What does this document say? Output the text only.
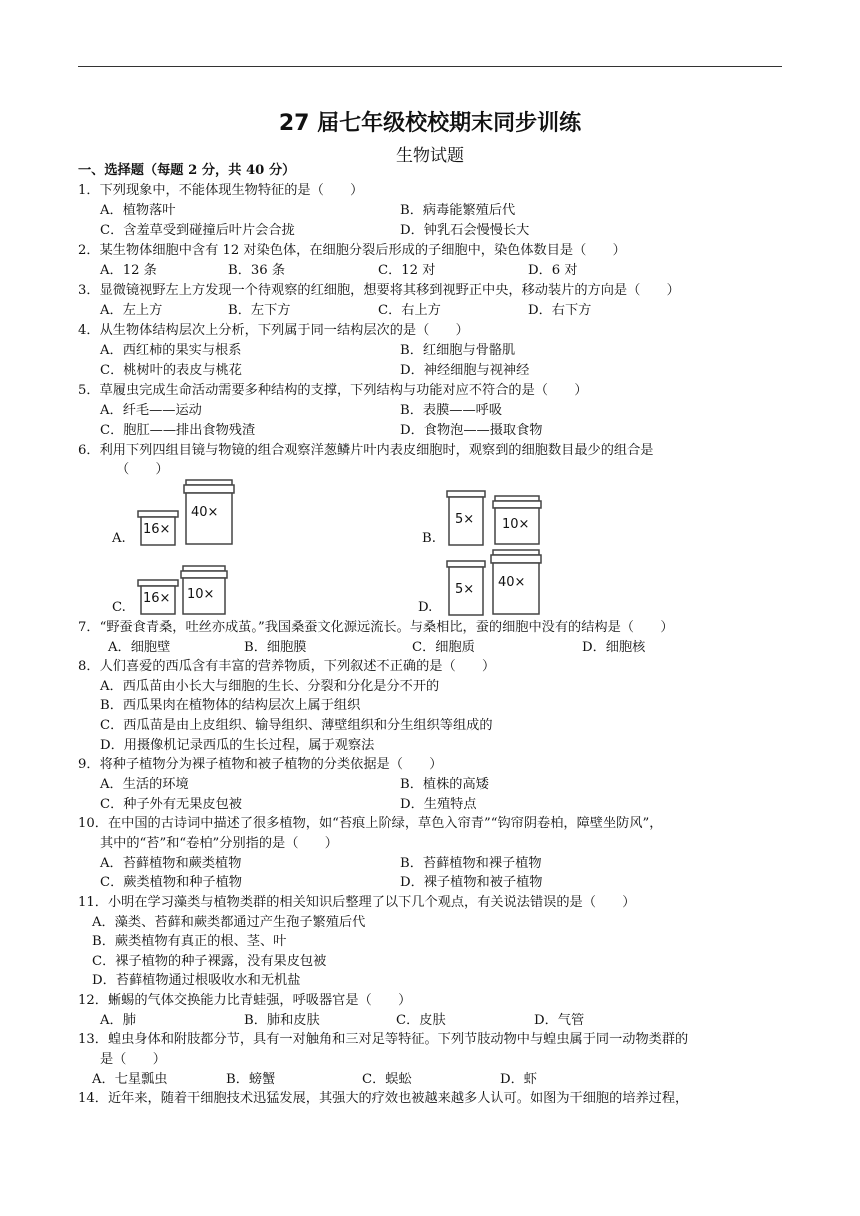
27 届七年级校校期末同步训练
生物试题
一、选择题（每题 2 分，共 40 分）
1．下列现象中，不能体现生物特征的是（　　）
A．植物落叶	B．病毒能繁殖后代
C．含羞草受到碰撞后叶片会合拢	D．钟乳石会慢慢长大
2．某生物体细胞中含有 12 对染色体，在细胞分裂后形成的子细胞中，染色体数目是（　　）
A．12 条	B．36 条	C．12 对	D．6 对
3．显微镜视野左上方发现一个待观察的红细胞，想要将其移到视野正中央，移动装片的方向是（　　）
A．左上方	B．左下方	C．右上方	D．右下方
4．从生物体结构层次上分析，下列属于同一结构层次的是（　　）
A．西红柿的果实与根系	B．红细胞与骨骼肌
C．桃树叶的表皮与桃花	D．神经细胞与视神经
5．草履虫完成生命活动需要多种结构的支撑，下列结构与功能对应不符合的是（　　）
A．纤毛——运动	B．表膜——呼吸
C．胞肛——排出食物残渣	D．食物泡——摄取食物
6．利用下列四组目镜与物镜的组合观察洋葱鳞片叶内表皮细胞时，观察到的细胞数目最少的组合是
（　　）
A.
16×
40×
B.
5× 10×
C.
16× 10×
D.
5× 40×
7．“野蚕食青桑，吐丝亦成茧。”我国桑蚕文化源远流长。与桑相比，蚕的细胞中没有的结构是（　　）
A．细胞壁	B．细胞膜	C．细胞质	D．细胞核
8．人们喜爱的西瓜含有丰富的营养物质，下列叙述不正确的是（　　）
A．西瓜苗由小长大与细胞的生长、分裂和分化是分不开的
B．西瓜果肉在植物体的结构层次上属于组织
C．西瓜苗是由上皮组织、输导组织、薄壁组织和分生组织等组成的
D．用摄像机记录西瓜的生长过程，属于观察法
9．将种子植物分为裸子植物和被子植物的分类依据是（　　）
A．生活的环境	B．植株的高矮
C．种子外有无果皮包被	D．生殖特点
10．在中国的古诗词中描述了很多植物，如“苔痕上阶绿，草色入帘青”“钩帘阴卷柏，障壁坐防风”，
其中的“苔”和“卷柏”分别指的是（　　）
A．苔藓植物和蕨类植物	B．苔藓植物和裸子植物
C．蕨类植物和种子植物	D．裸子植物和被子植物
11．小明在学习藻类与植物类群的相关知识后整理了以下几个观点，有关说法错误的是（　　）
A．藻类、苔藓和蕨类都通过产生孢子繁殖后代
B．蕨类植物有真正的根、茎、叶
C．裸子植物的种子裸露，没有果皮包被
D．苔藓植物通过根吸收水和无机盐
12．蜥蜴的气体交换能力比青蛙强，呼吸器官是（　　）
A．肺	B．肺和皮肤	C．皮肤	D．气管
13．蝗虫身体和附肢都分节，具有一对触角和三对足等特征。下列节肢动物中与蝗虫属于同一动物类群的
是（　　）
A．七星瓢虫	B．螃蟹	C．蜈蚣	D．虾
14．近年来，随着干细胞技术迅猛发展，其强大的疗效也被越来越多人认可。如图为干细胞的培养过程，
